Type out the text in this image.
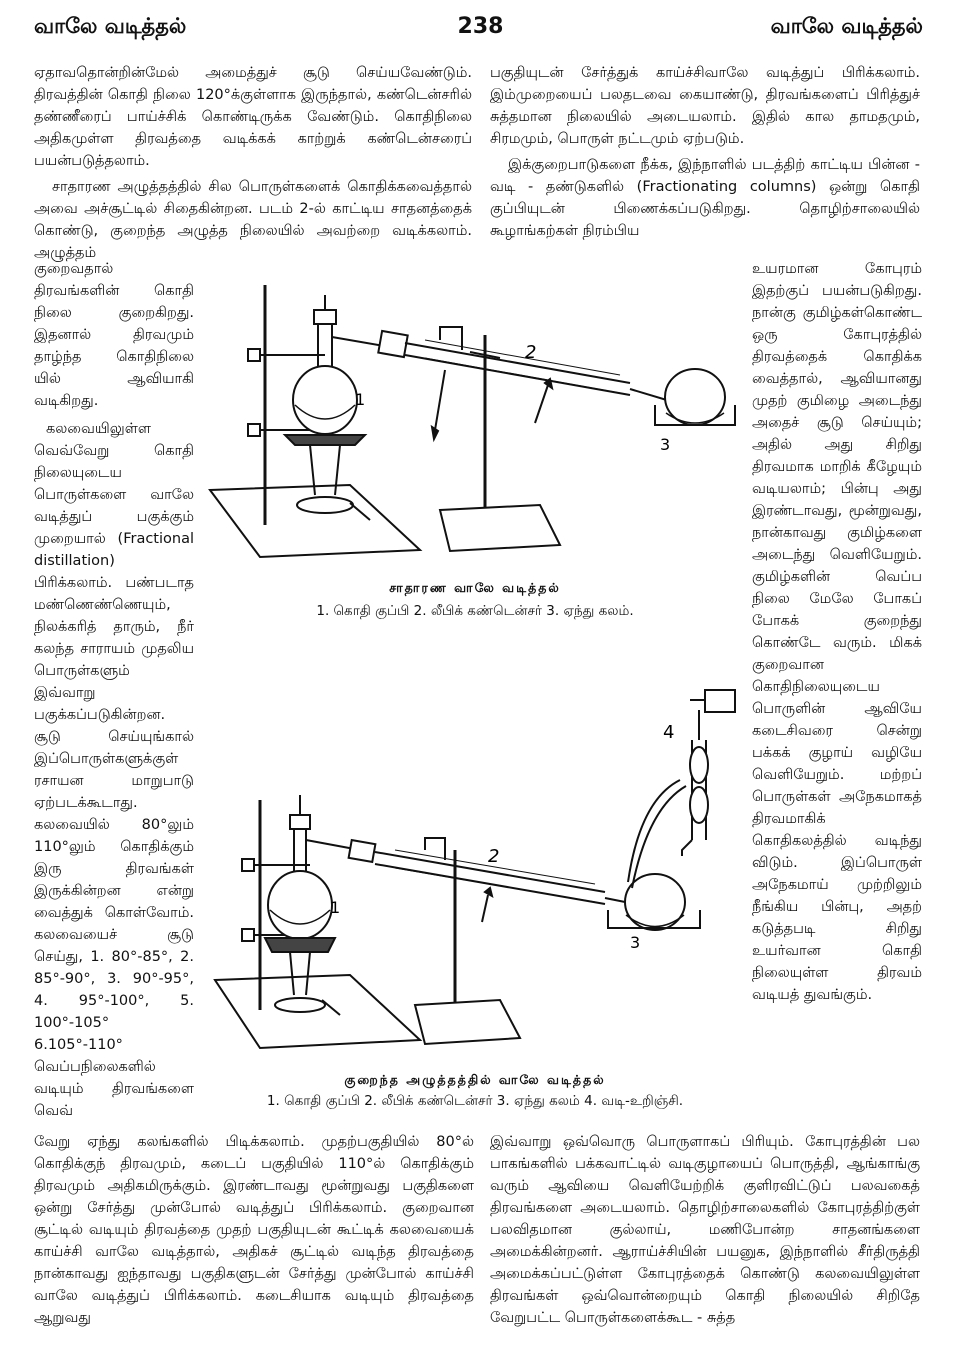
வாலே வடித்தல்	238	வாலே வடித்தல்

ஏதாவதொன்றின்மேல் அமைத்துச் சூடு செய்யவேண்டும். திரவத்தின் கொதி நிலை 120°க்குள்ளாக இருந்தால், கண்டென்சரில் தண்ணீரைப் பாய்ச்சிக் கொண்டிருக்க வேண்டும். கொதிநிலை அதிகமுள்ள திரவத்தை வடிக்கக் காற்றுக் கண்டென்சரைப் பயன்படுத்தலாம்.

சாதாரண அழுத்தத்தில் சில பொருள்களைக் கொதிக்கவைத்தால் அவை அச்சூட்டில் சிதைகின்றன. படம் 2-ல் காட்டிய சாதனத்தைக் கொண்டு, குறைந்த அழுத்த நிலையில் அவற்றை வடிக்கலாம். அழுத்தம்

பகுதியுடன் சேர்த்துக் காய்ச்சிவாலே வடித்துப் பிரிக்கலாம். இம்முறையைப் பலதடவை கையாண்டு, திரவங்களைப் பிரித்துச் சுத்தமான நிலையில் அடையலாம். இதில் கால தாமதமும், சிரமமும், பொருள் நட்டமும் ஏற்படும்.

இக்குறைபாடுகளை நீக்க, இந்நாளில் படத்திற் காட்டிய பின்ன - வடி - தண்டுகளில் (Fractionating columns) ஒன்று கொதி குப்பியுடன் பிணைக்கப்படுகிறது. தொழிற்சாலையில் கூழாங்கற்கள் நிரம்பிய

குறைவதால் திரவங்களின் கொதி நிலை குறைகிறது. இதனால் திரவமும் தாழ்ந்த கொதிநிலை யில் ஆவியாகி வடிகிறது.

கலவையிலுள்ள வெவ்வேறு கொதி நிலையுடைய பொருள்களை வாலே வடித்துப் பகுக்கும் முறையால் (Fractional distillation) பிரிக்கலாம். பண்படாத மண்ணெண்ணெயும், நிலக்கரித் தாரும், நீர் கலந்த சாராயம் முதலிய பொருள்களும் இவ்வாறு பகுக்கப்படுகின்றன. சூடு செய்யுங்கால் இப்பொருள்களுக்குள் ரசாயன மாறுபாடு ஏற்படக்கூடாது. கலவையில் 80°லும் 110°லும் கொதிக்கும் இரு திரவங்கள் இருக்கின்றன என்று வைத்துக் கொள்வோம். கலவையைச் சூடு செய்து, 1. 80°-85°, 2. 85°-90°, 3. 90°-95°, 4. 95°-100°, 5. 100°-105° 6.105°-110° வெப்பநிலைகளில் வடியும் திரவங்களை வெவ்

உயரமான கோபுரம் இதற்குப் பயன்படுகிறது. நான்கு குமிழ்கள்கொண்ட ஒரு கோபுரத்தில் திரவத்தைக் கொதிக்க வைத்தால், ஆவியானது முதற் குமிழை அடைந்து அதைச் சூடு செய்யும்; அதில் அது சிறிது திரவமாக மாறிக் கீழேயும் வடியலாம்; பின்பு அது இரண்டாவது, மூன்றுவது, நான்காவது குமிழ்களை அடைந்து வெளியேறும். குமிழ்களின் வெப்ப நிலை மேலே போகப் போகக் குறைந்து கொண்டே வரும். மிகக் குறைவான கொதிநிலையுடைய பொருளின் ஆவியே கடைசிவரை சென்று பக்கக் குழாய் வழியே வெளியேறும். மற்றப் பொருள்கள் அநேகமாகத் திரவமாகிக் கொதிகலத்தில் வடிந்து விடும். இப்பொருள் அநேகமாய் முற்றிலும் நீங்கிய பின்பு, அதற் கடுத்தபடி சிறிது உயர்வான கொதி நிலையுள்ள திரவம் வடியத் துவங்கும்.

1
2
3
சாதாரண வாலே வடித்தல்
1. கொதி குப்பி 2. லீபிக் கண்டென்சர் 3. ஏந்து கலம்.
1
2
3
4
குறைந்த அழுத்தத்தில் வாலே வடித்தல்
1. கொதி குப்பி 2. லீபிக் கண்டென்சர் 3. ஏந்து கலம் 4. வடி-உறிஞ்சி.

வேறு ஏந்து கலங்களில் பிடிக்கலாம். முதற்பகுதியில் 80°ல் கொதிக்குந் திரவமும், கடைப் பகுதியில் 110°ல் கொதிக்கும் திரவமும் அதிகமிருக்கும். இரண்டாவது மூன்றுவது பகுதிகளை ஒன்று சேர்த்து முன்போல் வடித்துப் பிரிக்கலாம். குறைவான சூட்டில் வடியும் திரவத்தை முதற் பகுதியுடன் கூட்டிக் கலவையைக் காய்ச்சி வாலே வடித்தால், அதிகச் சூட்டில் வடிந்த திரவத்தை நான்காவது ஐந்தாவது பகுதிகளுடன் சேர்த்து முன்போல் காய்ச்சி வாலே வடித்துப் பிரிக்கலாம். கடைசியாக வடியும் திரவத்தை ஆறுவது

இவ்வாறு ஒவ்வொரு பொருளாகப் பிரியும். கோபுரத்தின் பல பாகங்களில் பக்கவாட்டில் வடிகுழாயைப் பொருத்தி, ஆங்காங்கு வரும் ஆவியை வெளியேற்றிக் குளிரவிட்டுப் பலவகைத் திரவங்களை அடையலாம். தொழிற்சாலைகளில் கோபுரத்திற்குள் பலவிதமான குல்லாய், மணிபோன்ற சாதனங்களை அமைக்கின்றனர். ஆராய்ச்சியின் பயனுக, இந்நாளில் சீர்திருத்தி அமைக்கப்பட்டுள்ள கோபுரத்தைக் கொண்டு கலவையிலுள்ள திரவங்கள் ஒவ்வொன்றையும் கொதி நிலையில் சிறிதே வேறுபட்ட பொருள்களைக்கூட - சுத்த
